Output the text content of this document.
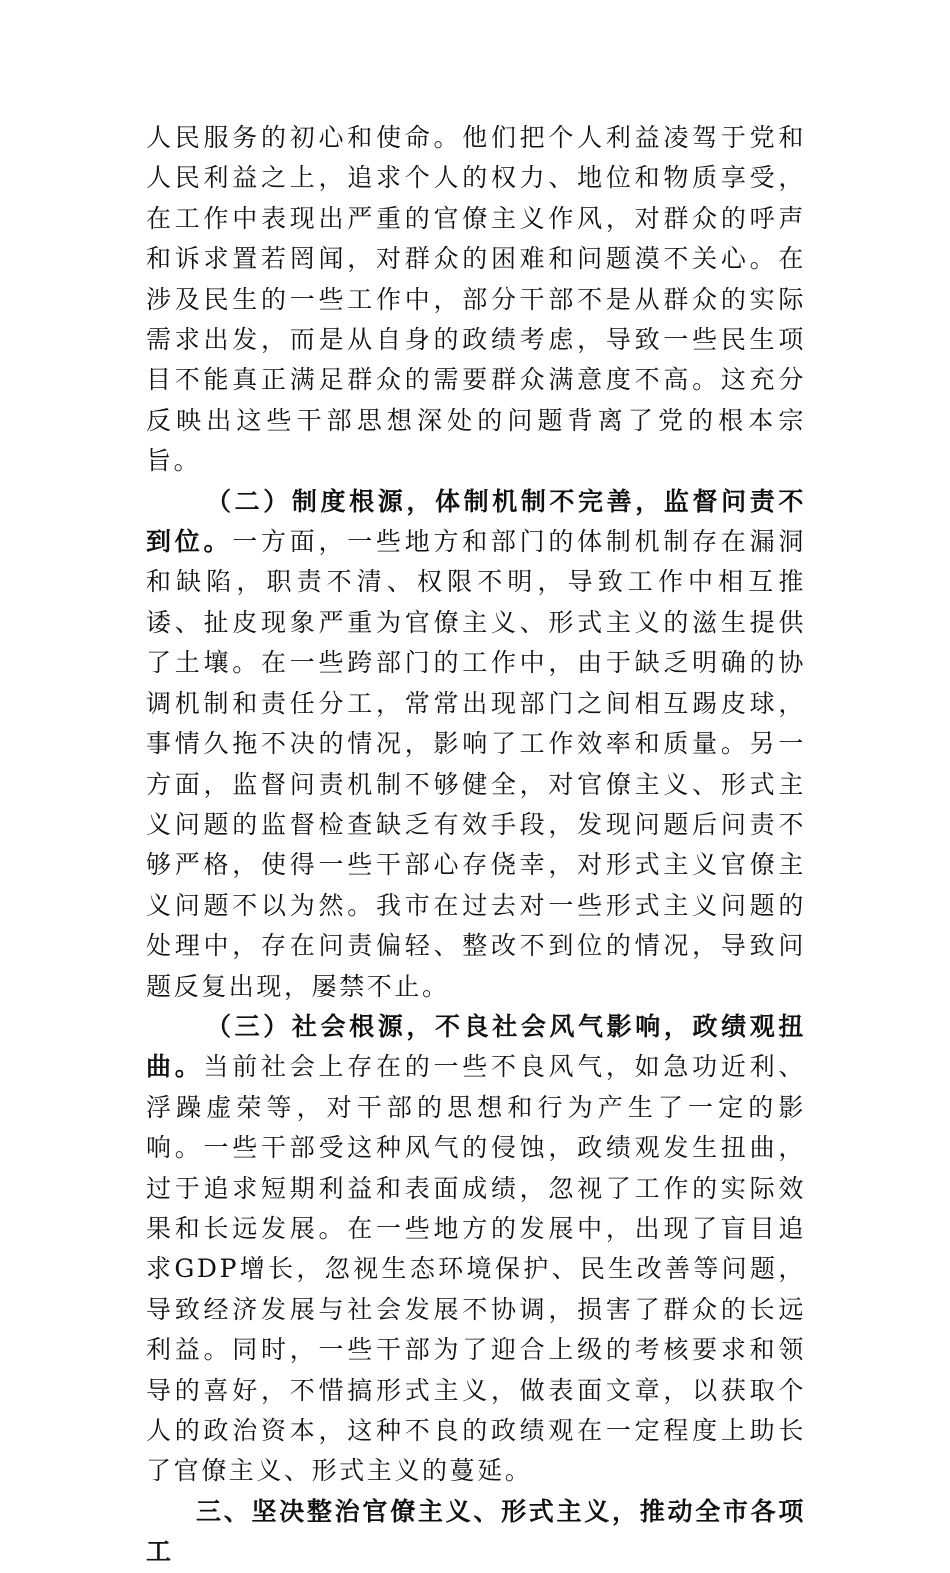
人民服务的初心和使命。他们把个人利益凌驾于党和人民利益之上，追求个人的权力、地位和物质享受，在工作中表现出严重的官僚主义作风，对群众的呼声和诉求置若罔闻，对群众的困难和问题漠不关心。在涉及民生的一些工作中，部分干部不是从群众的实际需求出发，而是从自身的政绩考虑，导致一些民生项目不能真正满足群众的需要群众满意度不高。这充分反映出这些干部思想深处的问题背离了党的根本宗旨。

（二）制度根源，体制机制不完善，监督问责不到位。一方面，一些地方和部门的体制机制存在漏洞和缺陷，职责不清、权限不明，导致工作中相互推诿、扯皮现象严重为官僚主义、形式主义的滋生提供了土壤。在一些跨部门的工作中，由于缺乏明确的协调机制和责任分工，常常出现部门之间相互踢皮球，事情久拖不决的情况，影响了工作效率和质量。另一方面，监督问责机制不够健全，对官僚主义、形式主义问题的监督检查缺乏有效手段，发现问题后问责不够严格，使得一些干部心存侥幸，对形式主义官僚主义问题不以为然。我市在过去对一些形式主义问题的处理中，存在问责偏轻、整改不到位的情况，导致问题反复出现，屡禁不止。

（三）社会根源，不良社会风气影响，政绩观扭曲。当前社会上存在的一些不良风气，如急功近利、浮躁虚荣等，对干部的思想和行为产生了一定的影响。一些干部受这种风气的侵蚀，政绩观发生扭曲，过于追求短期利益和表面成绩，忽视了工作的实际效果和长远发展。在一些地方的发展中，出现了盲目追求GDP增长，忽视生态环境保护、民生改善等问题，导致经济发展与社会发展不协调，损害了群众的长远利益。同时，一些干部为了迎合上级的考核要求和领导的喜好，不惜搞形式主义，做表面文章，以获取个人的政治资本，这种不良的政绩观在一定程度上助长了官僚主义、形式主义的蔓延。

三、坚决整治官僚主义、形式主义，推动全市各项工
